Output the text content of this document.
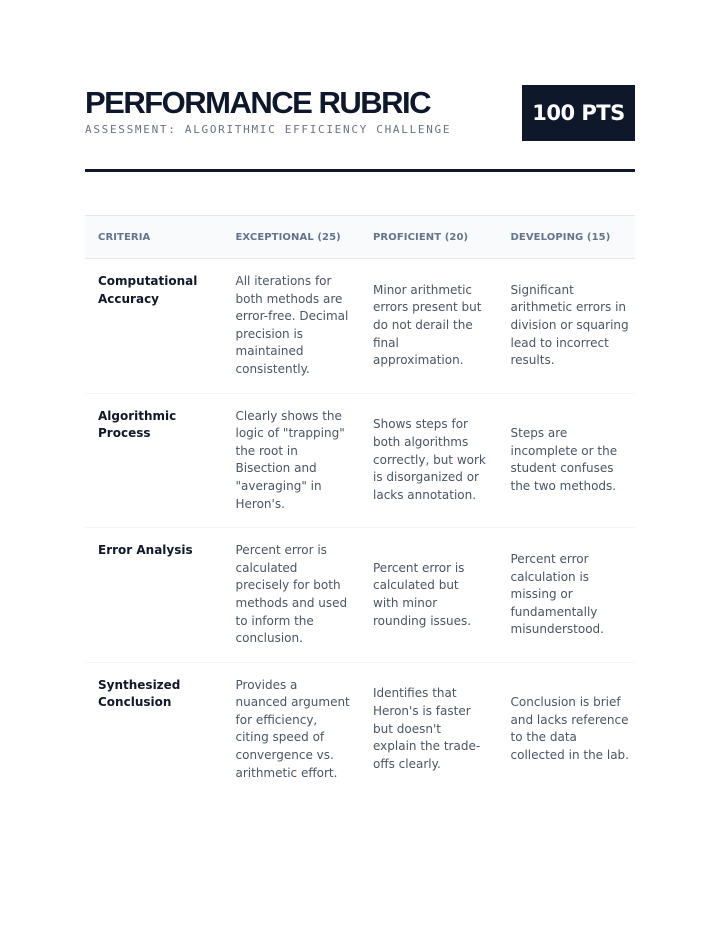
PERFORMANCE RUBRIC
ASSESSMENT: ALGORITHMIC EFFICIENCY CHALLENGE
100 PTS
CRITERIA	EXCEPTIONAL (25)	PROFICIENT (20)	DEVELOPING (15)
Computational Accuracy	All iterations for both methods are error-free. Decimal precision is maintained consistently.	Minor arithmetic errors present but do not derail the final approximation.	Significant arithmetic errors in division or squaring lead to incorrect results.
Algorithmic Process	Clearly shows the logic of "trapping" the root in Bisection and "averaging" in Heron's.	Shows steps for both algorithms correctly, but work is disorganized or lacks annotation.	Steps are incomplete or the student confuses the two methods.
Error Analysis	Percent error is calculated precisely for both methods and used to inform the conclusion.	Percent error is calculated but with minor rounding issues.	Percent error calculation is missing or fundamentally misunderstood.
Synthesized Conclusion	Provides a nuanced argument for efficiency, citing speed of convergence vs. arithmetic effort.	Identifies that Heron's is faster but doesn't explain the trade-offs clearly.	Conclusion is brief and lacks reference to the data collected in the lab.
